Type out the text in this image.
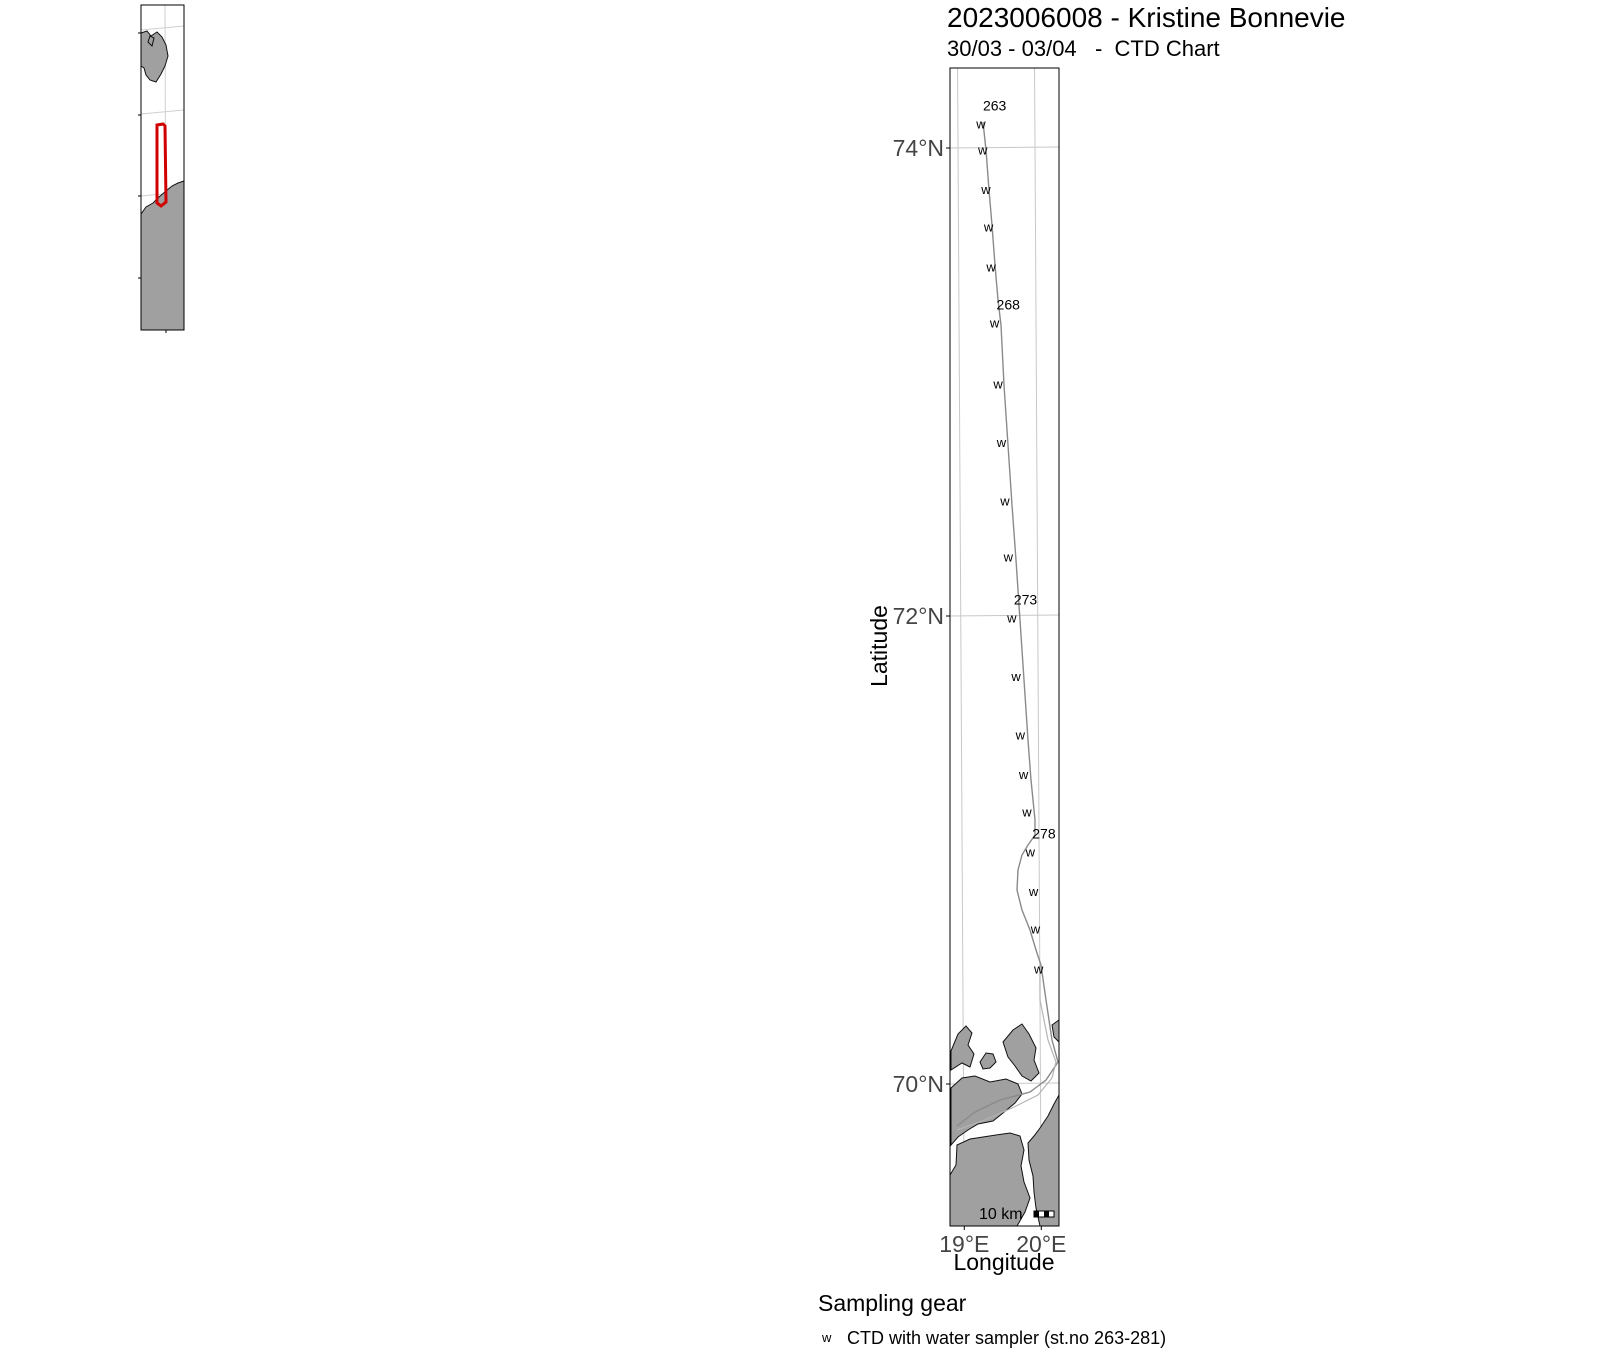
w
w
w
w
w
w
w
w
w
w
w
w
w
w
w
w
w
w
w
263
268
273
278
10 km
74°N
72°N
70°N
19°E 20°E
Latitude
Longitude
2023006008 - Kristine Bonnevie
30/03 - 03/04   -  CTD Chart
Sampling gear
w CTD with water sampler (st.no 263-281)
